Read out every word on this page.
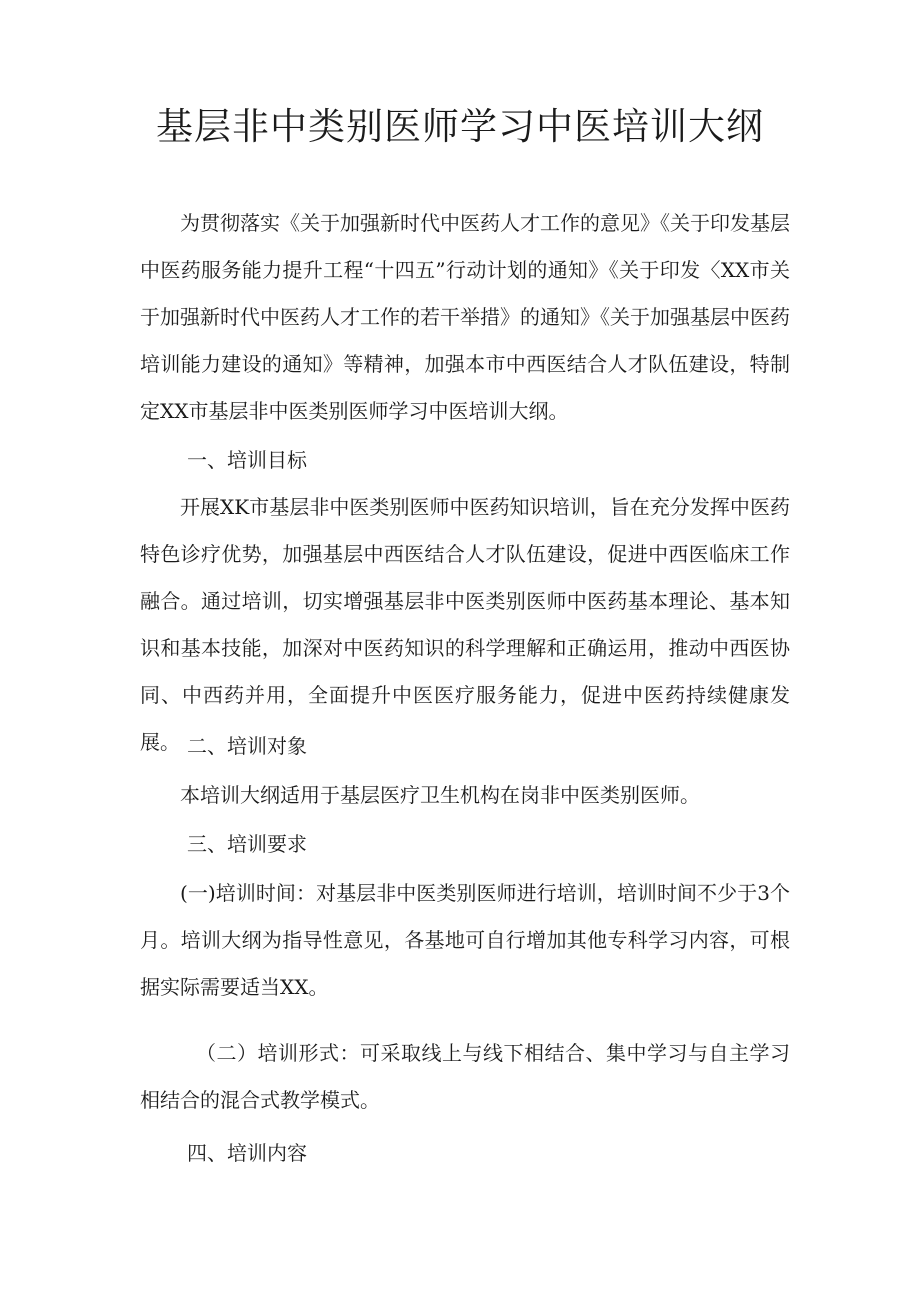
基层非中类别医师学习中医培训大纲

为贯彻落实《关于加强新时代中医药人才工作的意见》《关于印发基层中医药服务能力提升工程“十四五”行动计划的通知》《关于印发〈XX市关于加强新时代中医药人才工作的若干举措》的通知》《关于加强基层中医药培训能力建设的通知》等精神，加强本市中西医结合人才队伍建设，特制定XX市基层非中医类别医师学习中医培训大纲。

一、培训目标

开展XK市基层非中医类别医师中医药知识培训，旨在充分发挥中医药特色诊疗优势，加强基层中西医结合人才队伍建设，促进中西医临床工作融合。通过培训，切实增强基层非中医类别医师中医药基本理论、基本知识和基本技能，加深对中医药知识的科学理解和正确运用，推动中西医协同、中西药并用，全面提升中医医疗服务能力，促进中医药持续健康发展。 二、培训对象

本培训大纲适用于基层医疗卫生机构在岗非中医类别医师。

三、培训要求

(一)培训时间：对基层非中医类别医师进行培训，培训时间不少于3个月。培训大纲为指导性意见，各基地可自行增加其他专科学习内容，可根据实际需要适当XX。

（二）培训形式：可采取线上与线下相结合、集中学习与自主学习相结合的混合式教学模式。

四、培训内容
